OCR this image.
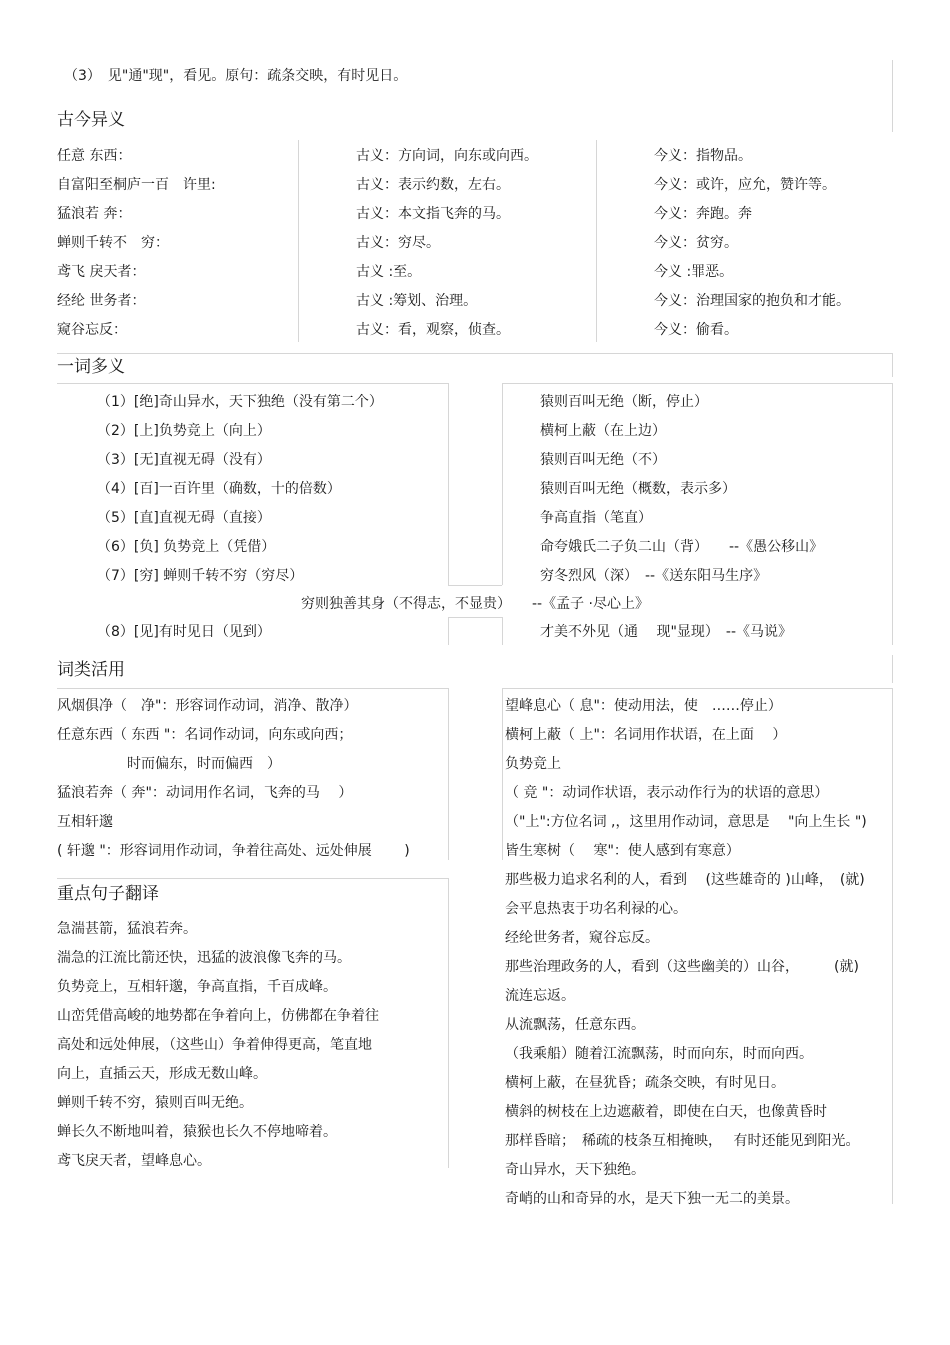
（3）　见"通"现"，看见。原句：疏条交映，有时见日。
古今异义
任意 东西：
自富阳至桐庐一百　许里:
猛浪若 奔：
蝉则千转不　穷：
鸢飞 戾天者：
经纶 世务者：
窥谷忘反：
古义：方向词，向东或向西。
古义：表示约数，左右。
古义：本文指飞奔的马。
古义：穷尽。
古义 :至。
古义 :筹划、治理。
古义：看，观察，侦查。
今义：指物品。
今义：或许，应允，赞许等。
今义：奔跑。奔
今义：贫穷。
今义 :罪恶。
今义：治理国家的抱负和才能。
今义：偷看。
一词多义
（1）[绝]奇山异水，天下独绝（没有第二个）
（2）[上]负势竞上（向上）
（3）[无]直视无碍（没有）
（4）[百]一百许里（确数，十的倍数）
（5）[直]直视无碍（直接）
（6）[负] 负势竞上（凭借）
（7）[穷] 蝉则千转不穷（穷尽）
猿则百叫无绝（断，停止）
横柯上蔽（在上边）
猿则百叫无绝（不）
猿则百叫无绝（概数，表示多）
争高直指（笔直）
命夸娥氏二子负二山（背）　　--《愚公移山》
穷冬烈风（深）　--《送东阳马生序》
穷则独善其身（不得志，不显贵）　　--《孟子 ·尽心上》
（8）[见]有时见日（见到）	才美不外见（通　 现"显现）　--《马说》
词类活用
风烟俱净（　净"：形容词作动词，消净、散净）
任意东西（ 东西 "：名词作动词，向东或向西；
　　　　　时而偏东，时而偏西　）
猛浪若奔（ 奔"：动词用作名词，飞奔的马　 ）
互相轩邈
( 轩邈 "：形容词用作动词，争着往高处、远处伸展　　 )
望峰息心（ 息"：使动用法，使　……停止）
横柯上蔽（ 上"：名词用作状语，在上面　 ）
负势竞上
（ 竞 "：动词作状语，表示动作行为的状语的意思）
（"上":方位名词 ,，这里用作动词，意思是　 "向上生长 ")
皆生寒树（　 寒"：使人感到有寒意）
那些极力追求名利的人，看到　 (这些雄奇的 )山峰，　(就)
会平息热衷于功名利禄的心。
经纶世务者，窥谷忘反。
那些治理政务的人，看到（这些幽美的）山谷，　　　(就)
流连忘返。
从流飘荡，任意东西。
（我乘船）随着江流飘荡，时而向东，时而向西。
横柯上蔽，在昼犹昏；疏条交映，有时见日。
横斜的树枝在上边遮蔽着，即使在白天，也像黄昏时
那样昏暗；　稀疏的枝条互相掩映，　 有时还能见到阳光。
奇山异水，天下独绝。
奇峭的山和奇异的水，是天下独一无二的美景。
重点句子翻译
急湍甚箭，猛浪若奔。
湍急的江流比箭还快，迅猛的波浪像飞奔的马。
负势竞上，互相轩邈，争高直指，千百成峰。
山峦凭借高峻的地势都在争着向上，仿佛都在争着往
高处和远处伸展，（这些山）争着伸得更高，笔直地
向上，直插云天，形成无数山峰。
蝉则千转不穷，猿则百叫无绝。
蝉长久不断地叫着，猿猴也长久不停地啼着。
鸢飞戾天者，望峰息心。
